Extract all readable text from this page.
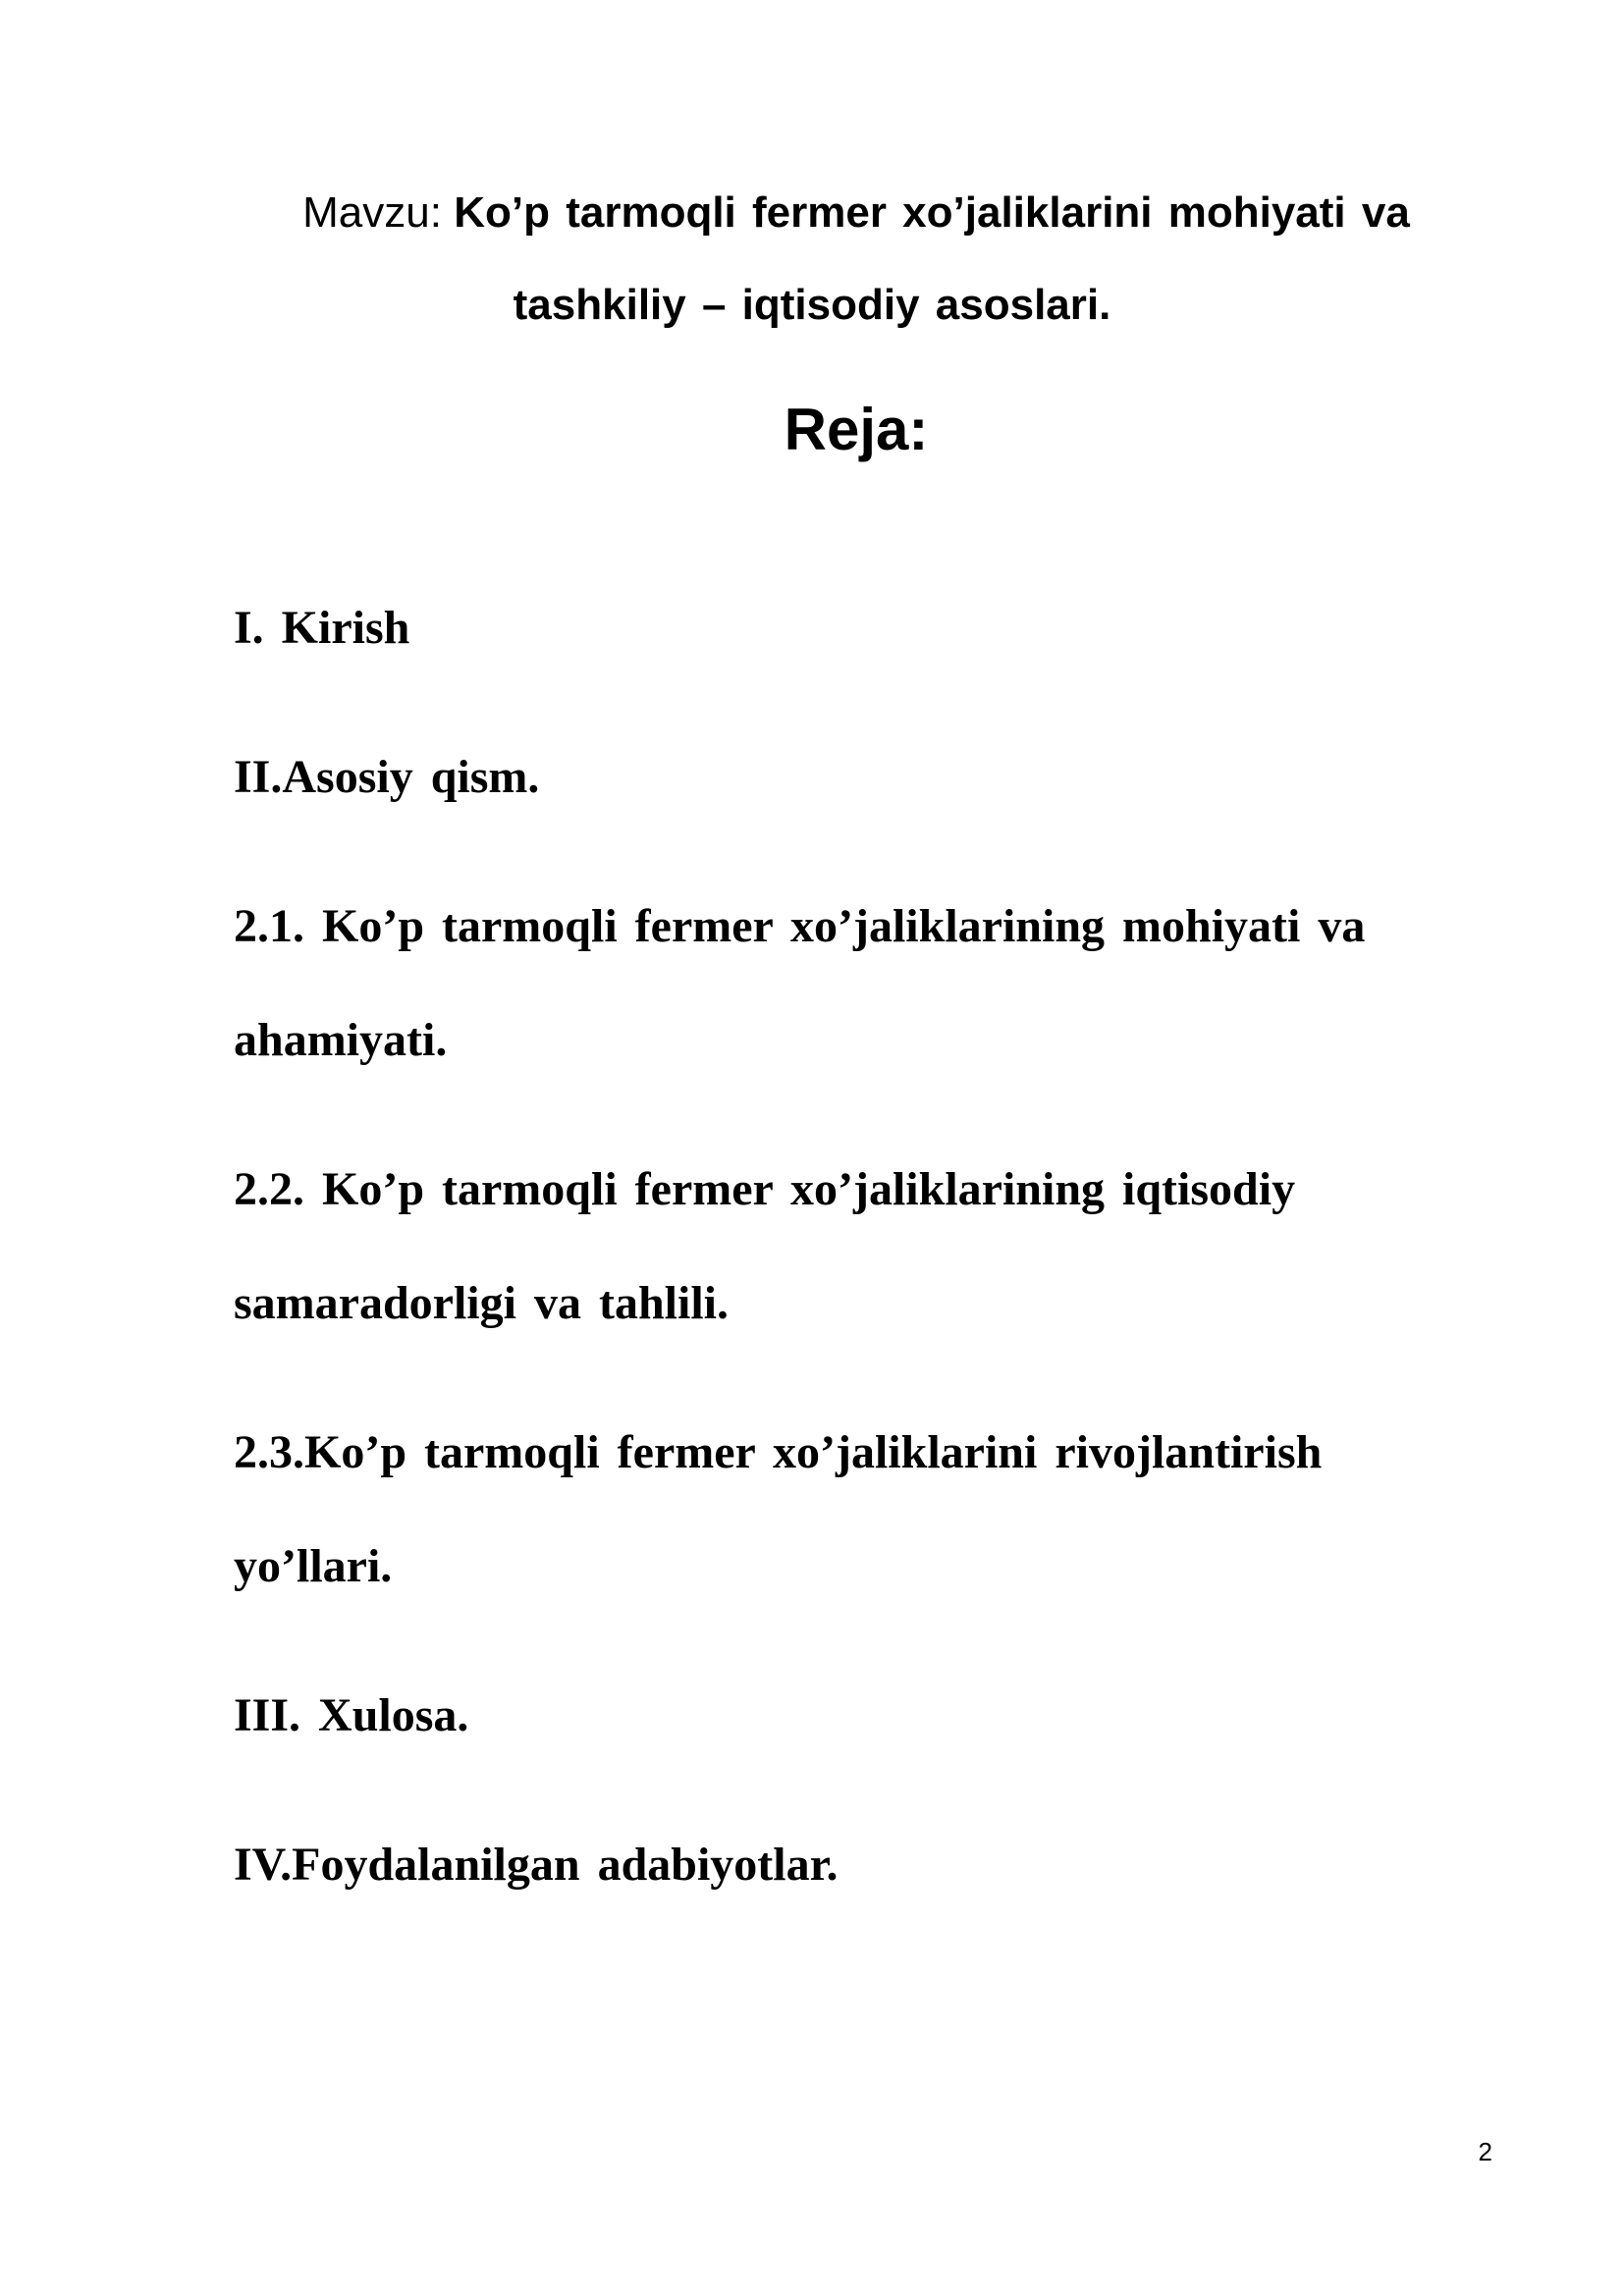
Mavzu: Ko’p tarmoqli fermer xo’jaliklarini mohiyati va
tashkiliy – iqtisodiy asoslari.
Reja:
I. Kirish
II.Asosiy qism.
2.1. Ko’p tarmoqli fermer xo’jaliklarining mohiyati va
ahamiyati.
2.2. Ko’p tarmoqli fermer xo’jaliklarining iqtisodiy
samaradorligi va tahlili.
2.3.Ko’p tarmoqli fermer xo’jaliklarini rivojlantirish
yo’llari.
III. Xulosa.
IV.Foydalanilgan adabiyotlar.
2
